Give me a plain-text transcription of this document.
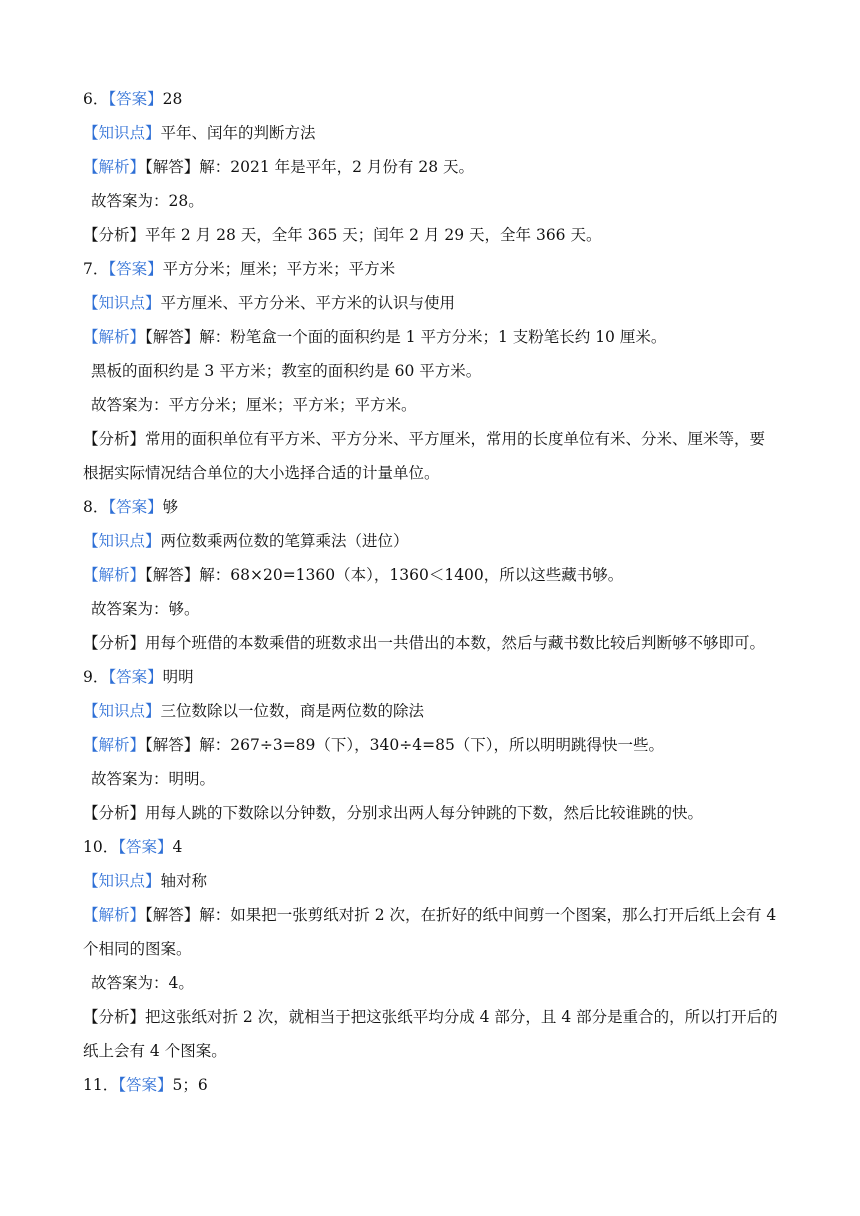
6．【答案】28
【知识点】平年、闰年的判断方法
【解析】【解答】解：2021 年是平年，2 月份有 28 天。
故答案为：28。
【分析】平年 2 月 28 天，全年 365 天；闰年 2 月 29 天，全年 366 天。
7．【答案】平方分米；厘米；平方米；平方米
【知识点】平方厘米、平方分米、平方米的认识与使用
【解析】【解答】解：粉笔盒一个面的面积约是 1 平方分米；1 支粉笔长约 10 厘米。
黑板的面积约是 3 平方米；教室的面积约是 60 平方米。
故答案为：平方分米；厘米；平方米；平方米。
【分析】常用的面积单位有平方米、平方分米、平方厘米，常用的长度单位有米、分米、厘米等，要
根据实际情况结合单位的大小选择合适的计量单位。
8．【答案】够
【知识点】两位数乘两位数的笔算乘法（进位）
【解析】【解答】解：68×20=1360（本），1360＜1400，所以这些藏书够。
故答案为：够。
【分析】用每个班借的本数乘借的班数求出一共借出的本数，然后与藏书数比较后判断够不够即可。
9．【答案】明明
【知识点】三位数除以一位数，商是两位数的除法
【解析】【解答】解：267÷3=89（下），340÷4=85（下），所以明明跳得快一些。
故答案为：明明。
【分析】用每人跳的下数除以分钟数，分别求出两人每分钟跳的下数，然后比较谁跳的快。
10．【答案】4
【知识点】轴对称
【解析】【解答】解：如果把一张剪纸对折 2 次，在折好的纸中间剪一个图案，那么打开后纸上会有 4
个相同的图案。
故答案为：4。
【分析】把这张纸对折 2 次，就相当于把这张纸平均分成 4 部分，且 4 部分是重合的，所以打开后的
纸上会有 4 个图案。
11．【答案】5；6
